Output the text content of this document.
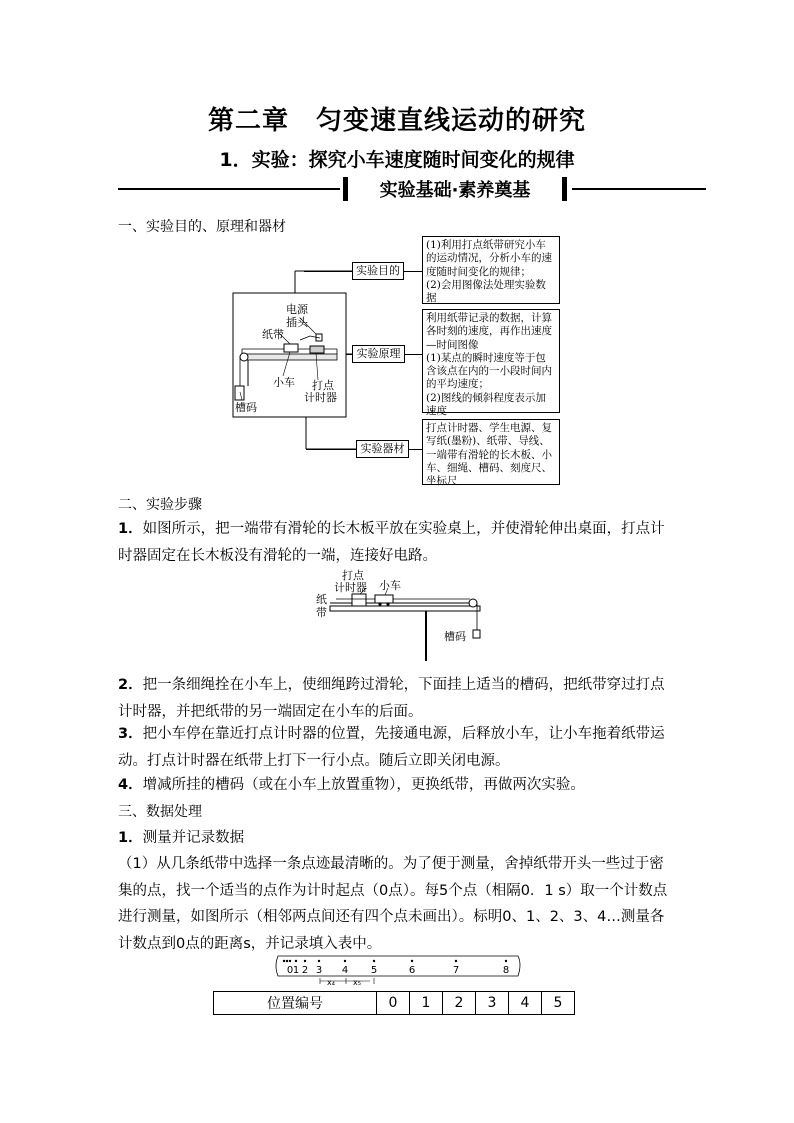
第二章　匀变速直线运动的研究
1．实验：探究小车速度随时间变化的规律
实验基础·素养奠基
一、实验目的、原理和器材
电源
插头
纸带
小车 打点
计时器
槽码
实验目的
实验原理
实验器材
(1)利用打点纸带研究小车的运动情况，分析小车的速度随时间变化的规律；
(2)会用图像法处理实验数据
利用纸带记录的数据，计算各时刻的速度，再作出速度—时间图像
(1)某点的瞬时速度等于包含该点在内的一小段时间内的平均速度；
(2)图线的倾斜程度表示加速度
打点计时器、学生电源、复写纸(墨粉)、纸带、导线、一端带有滑轮的长木板、小车、细绳、槽码、刻度尺、坐标尺
二、实验步骤
1．如图所示，把一端带有滑轮的长木板平放在实验桌上，并使滑轮伸出桌面，打点计时器固定在长木板没有滑轮的一端，连接好电路。
打点
计时器 小车
纸
带
槽码
2．把一条细绳拴在小车上，使细绳跨过滑轮，下面挂上适当的槽码，把纸带穿过打点计时器，并把纸带的另一端固定在小车的后面。
3．把小车停在靠近打点计时器的位置，先接通电源，后释放小车，让小车拖着纸带运动。打点计时器在纸带上打下一行小点。随后立即关闭电源。
4．增减所挂的槽码（或在小车上放置重物），更换纸带，再做两次实验。
三、数据处理
1．测量并记录数据
（1）从几条纸带中选择一条点迹最清晰的。为了便于测量，舍掉纸带开头一些过于密集的点，找一个适当的点作为计时起点（0点）。每5个点（相隔0．1 s）取一个计数点进行测量，如图所示（相邻两点间还有四个点未画出）。标明0、1、2、3、4…测量各计数点到0点的距离s，并记录填入表中。
0 1 2 3 4 5	6	7	8
x₄ x₅
位置编号	0	1	2	3	4	5
